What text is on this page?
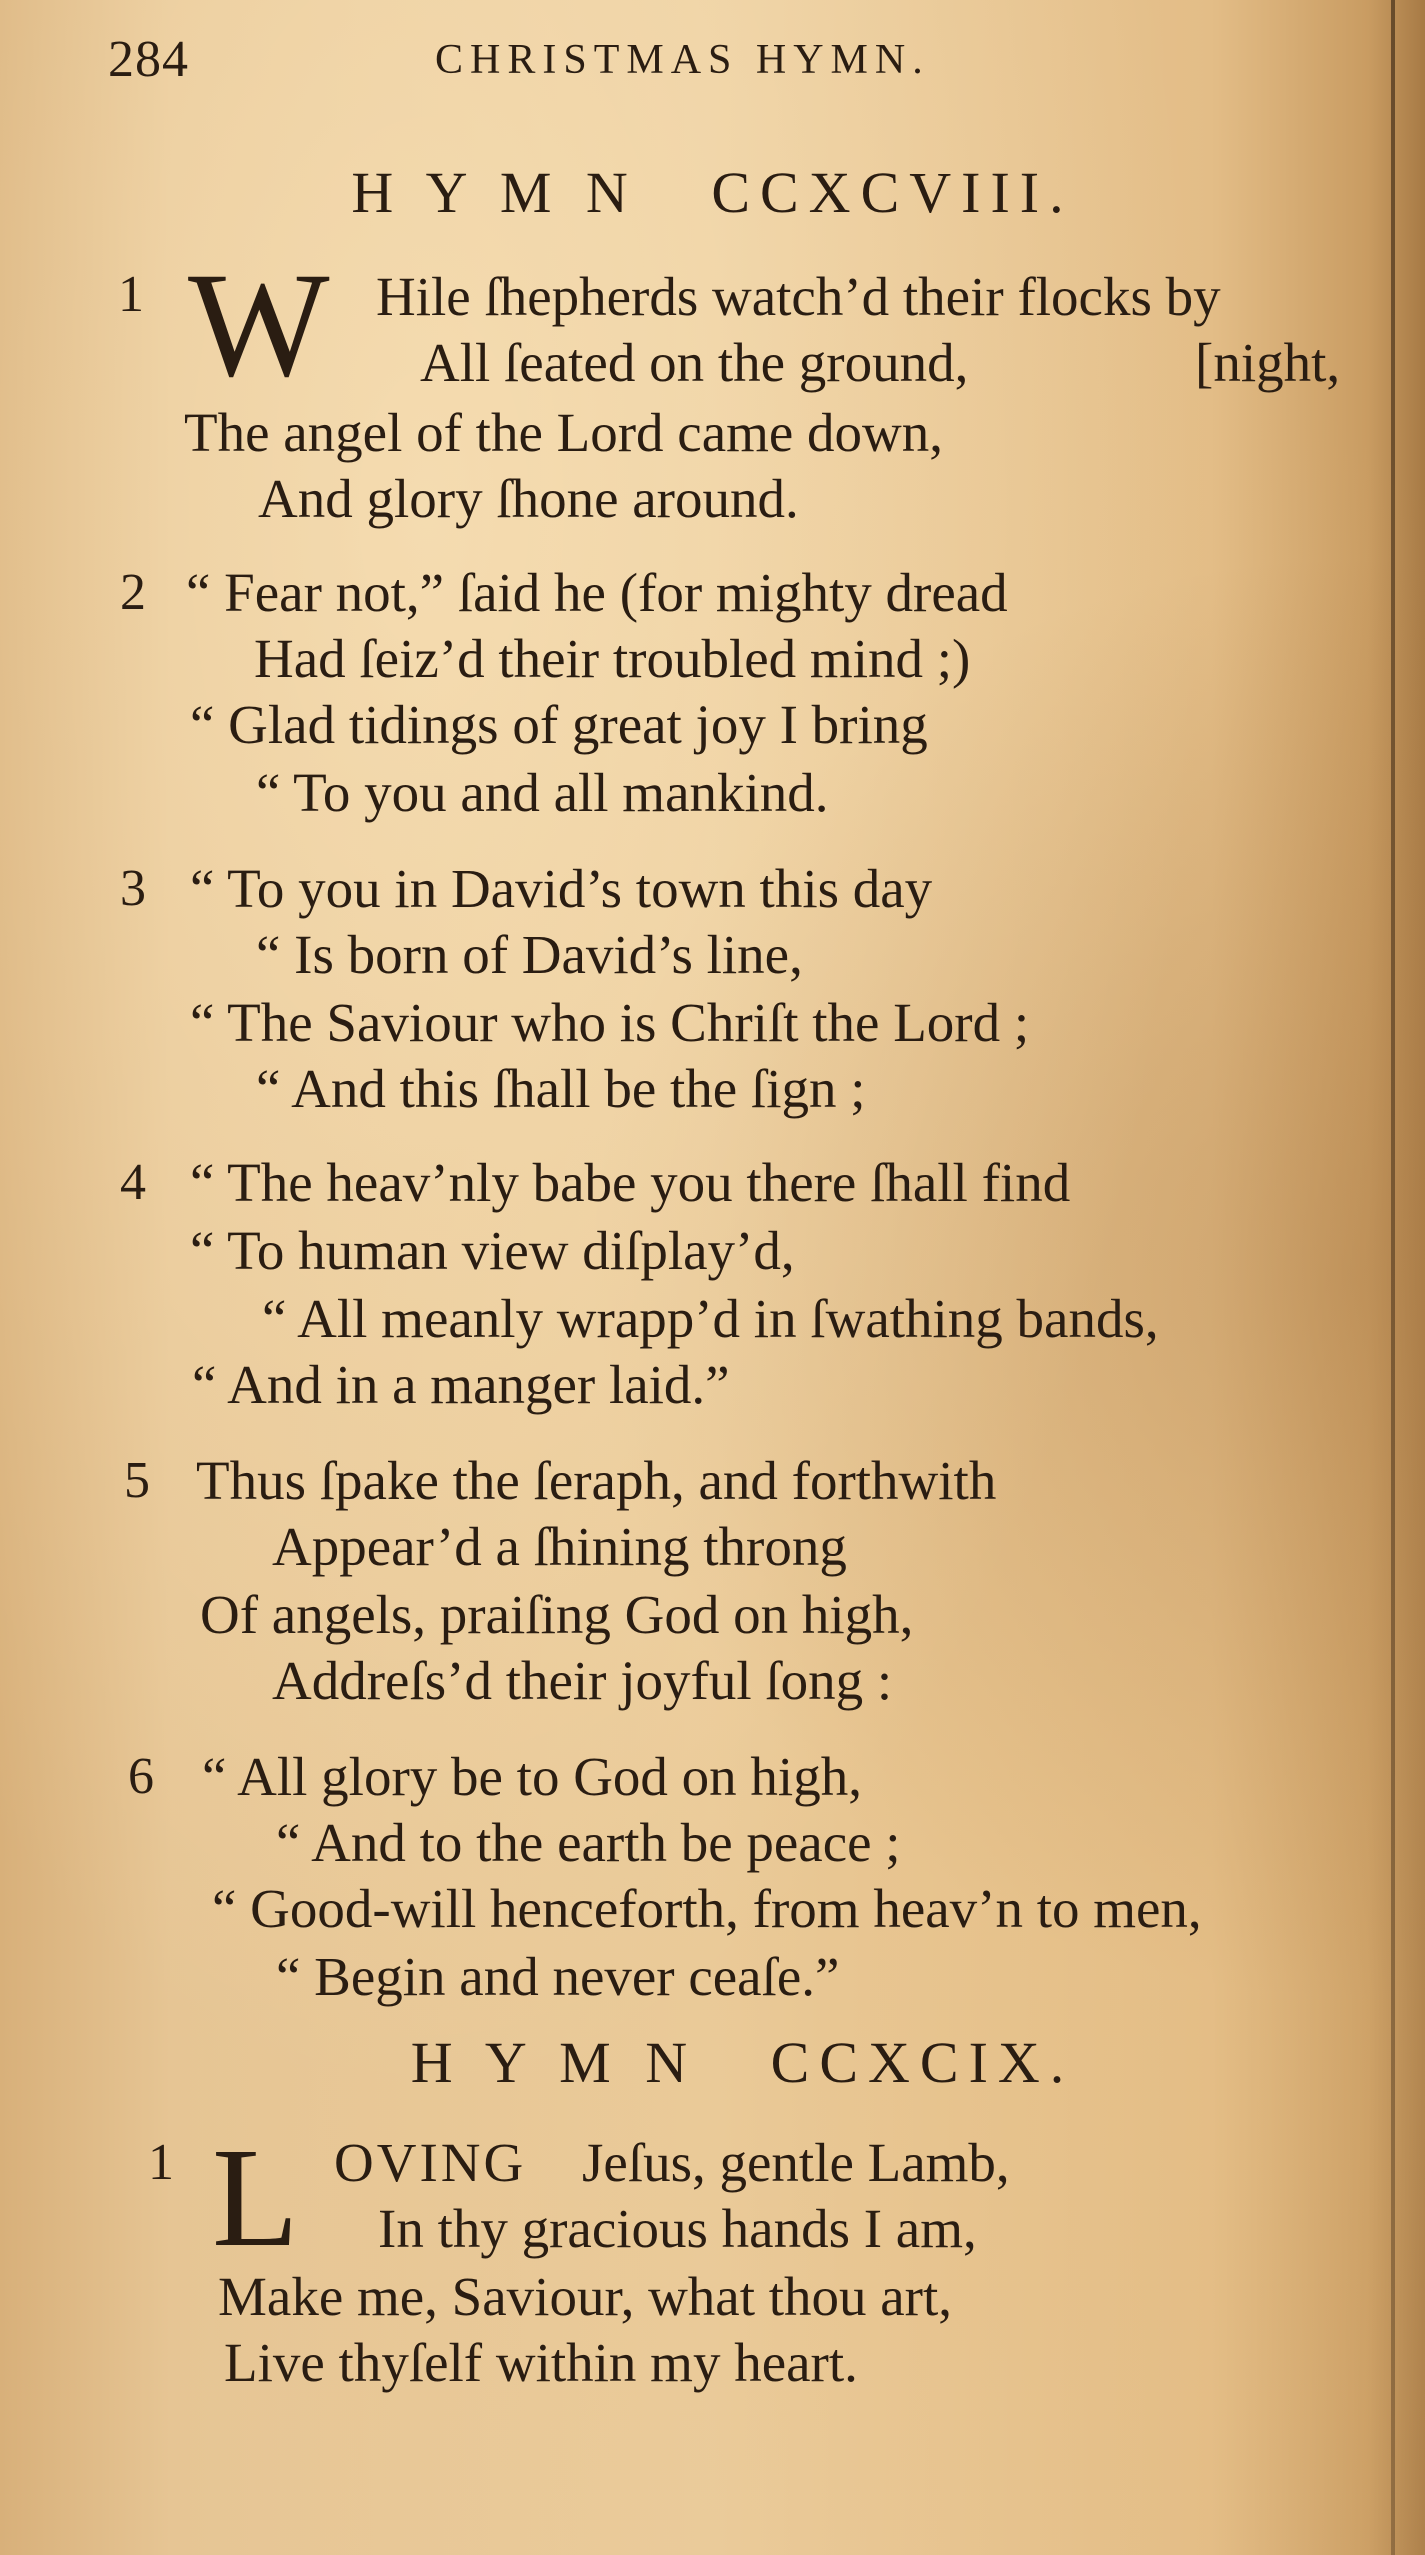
284	CHRISTMAS HYMN.
H Y M N   CCXCVIII.
1 W Hile ſhepherds watch’d their flocks by
All ſeated on the ground,	[night,
The angel of the Lord came down,
And glory ſhone around.
2 “ Fear not,” ſaid he (for mighty dread
Had ſeiz’d their troubled mind ;)
“ Glad tidings of great joy I bring
“ To you and all mankind.
3 “ To you in David’s town this day
“ Is born of David’s line,
“ The Saviour who is Chriſt the Lord ;
“ And this ſhall be the ſign ;
4 “ The heav’nly babe you there ſhall find
“ To human view diſplay’d,
“ All meanly wrapp’d in ſwathing bands,
“ And in a manger laid.”
5 Thus ſpake the ſeraph, and forthwith
Appear’d a ſhining throng
Of angels, praiſing God on high,
Addreſs’d their joyful ſong :
6 “ All glory be to God on high,
“ And to the earth be peace ;
“ Good-will henceforth, from heav’n to men,
“ Begin and never ceaſe.”
H Y M N   CCXCIX.
1 L OVING Jeſus, gentle Lamb,
In thy gracious hands I am,
Make me, Saviour, what thou art,
Live thyſelf within my heart.
